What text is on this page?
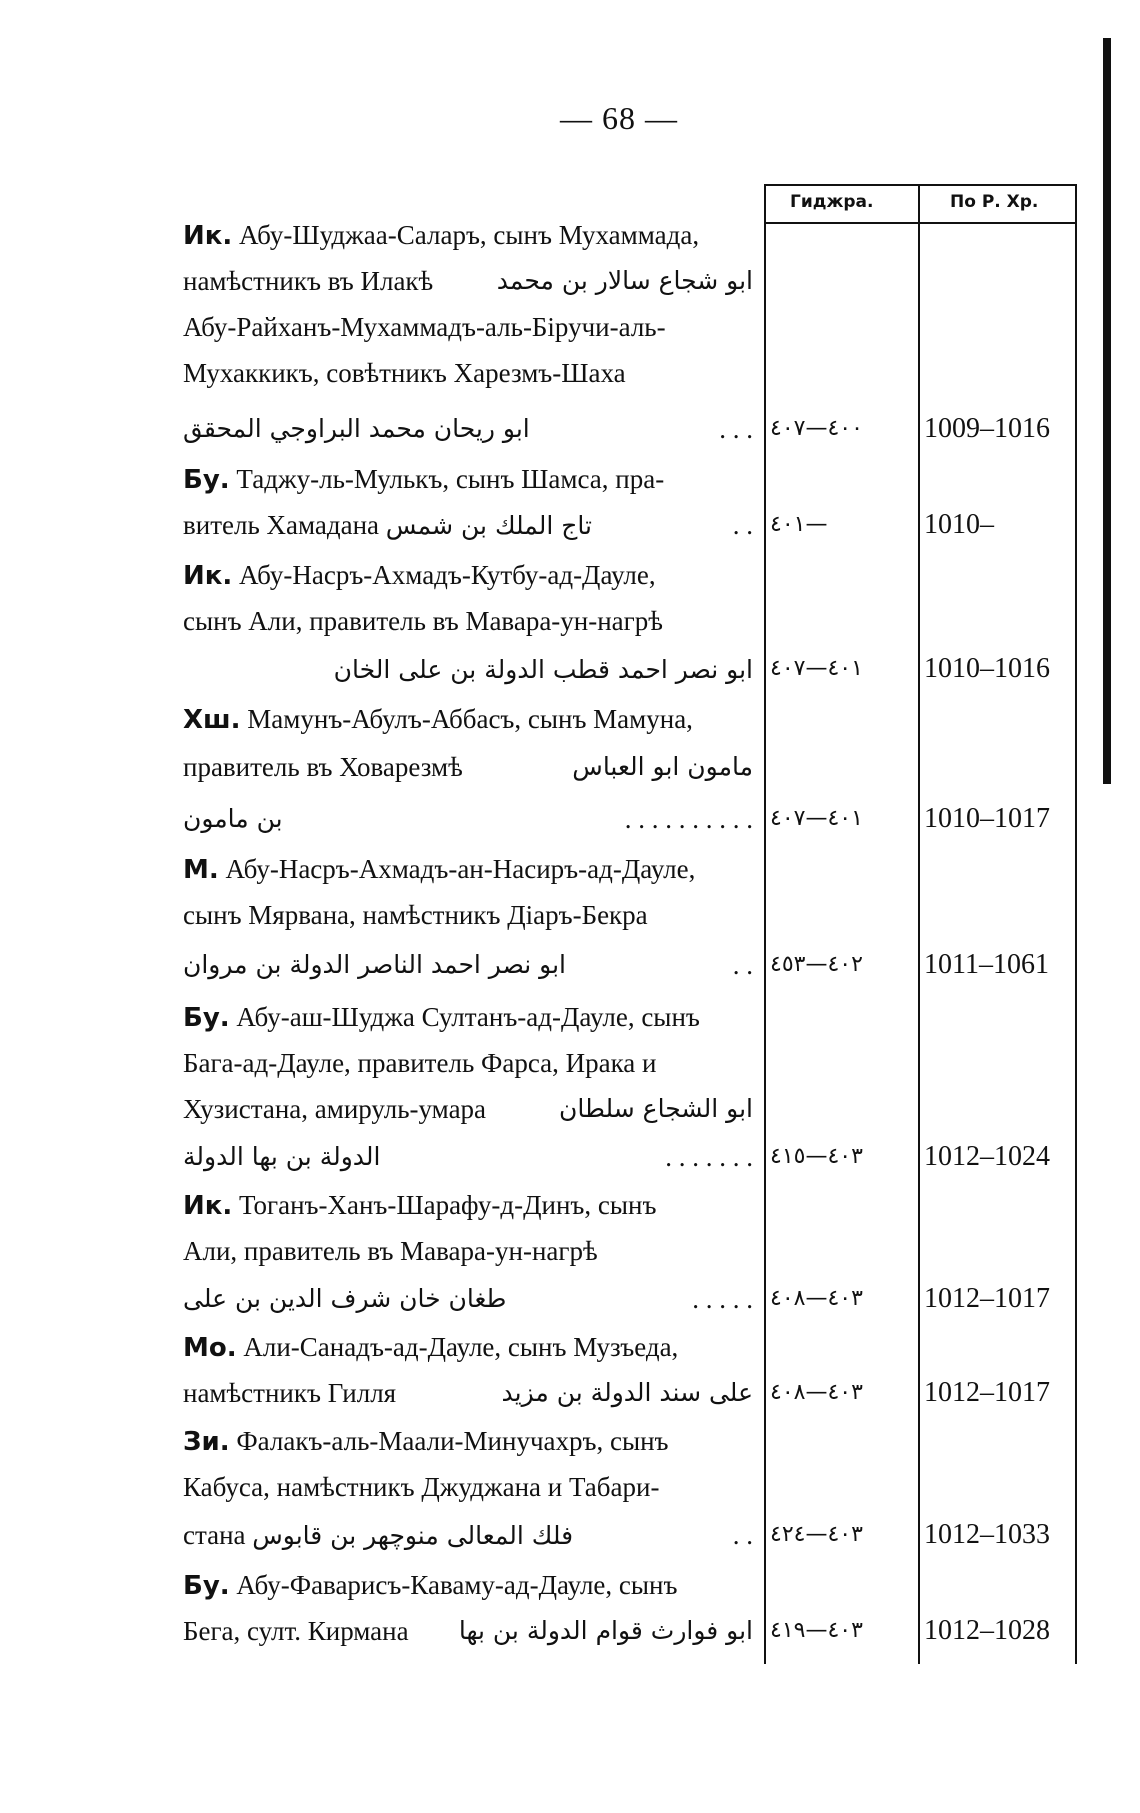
— 68 —
Гиджра.	По Р. Хр.
Ик. Абу-Шуджаа-Саларъ, сынъ Мухаммада,
намѣстникъ въ Илакѣ	ابو شجاع سالار بن محمد
Абу-Райханъ-Мухаммадъ-аль-Біручи-аль-
Мухаккикъ, совѣтникъ Харезмъ-Шаха
ابو ريحان محمد البراوجي المحقق	. . . ٤٠٠—٤٠٧	1009–1016
Бу. Таджу-ль-Мулькъ, сынъ Шамса, пра-
витель Хамадана تاج الملك بن شمس	. . ٤٠١—	1010–
Ик. Абу-Насръ-Ахмадъ-Кутбу-ад-Дауле,
сынъ Али, правитель въ Мавара-ун-нагрѣ
ابو نصر احمد قطب الدولة بن على الخان ٤٠١—٤٠٧	1010–1016
Хш. Мамунъ-Абулъ-Аббасъ, сынъ Мамуна,
правитель въ Ховарезмѣ	مامون ابو العباس
بن مامون	. . . . . . . . . . ٤٠١—٤٠٧	1010–1017
М. Абу-Насръ-Ахмадъ-ан-Насиръ-ад-Дауле,
сынъ Мярвана, намѣстникъ Діаръ-Бекра
ابو نصر احمد الناصر الدولة بن مروان	. . ٤٠٢—٤٥٣	1011–1061
Бу. Абу-аш-Шуджа Султанъ-ад-Дауле, сынъ
Бага-ад-Дауле, правитель Фарса, Ирака и
Хузистана, амируль-умара	ابو الشجاع سلطان
الدولة بن بها الدولة	. . . . . . . ٤٠٣—٤١٥	1012–1024
Ик. Тоганъ-Ханъ-Шарафу-д-Динъ, сынъ
Али, правитель въ Мавара-ун-нагрѣ
طغان خان شرف الدين بن على	. . . . . ٤٠٣—٤٠٨	1012–1017
Мо. Али-Санадъ-ад-Дауле, сынъ Музъеда,
намѣстникъ Гилля	على سند الدولة بن مزيد ٤٠٣—٤٠٨	1012–1017
Зи. Фалакъ-аль-Маали-Минучахръ, сынъ
Кабуса, намѣстникъ Джуджана и Табари-
стана فلك المعالى منوچهر بن قابوس	. . ٤٠٣—٤٢٤	1012–1033
Бу. Абу-Фаварисъ-Каваму-ад-Дауле, сынъ
Бега, султ. Кирмана ابو فوارث قوام الدولة بن بها ٤٠٣—٤١٩	1012–1028
